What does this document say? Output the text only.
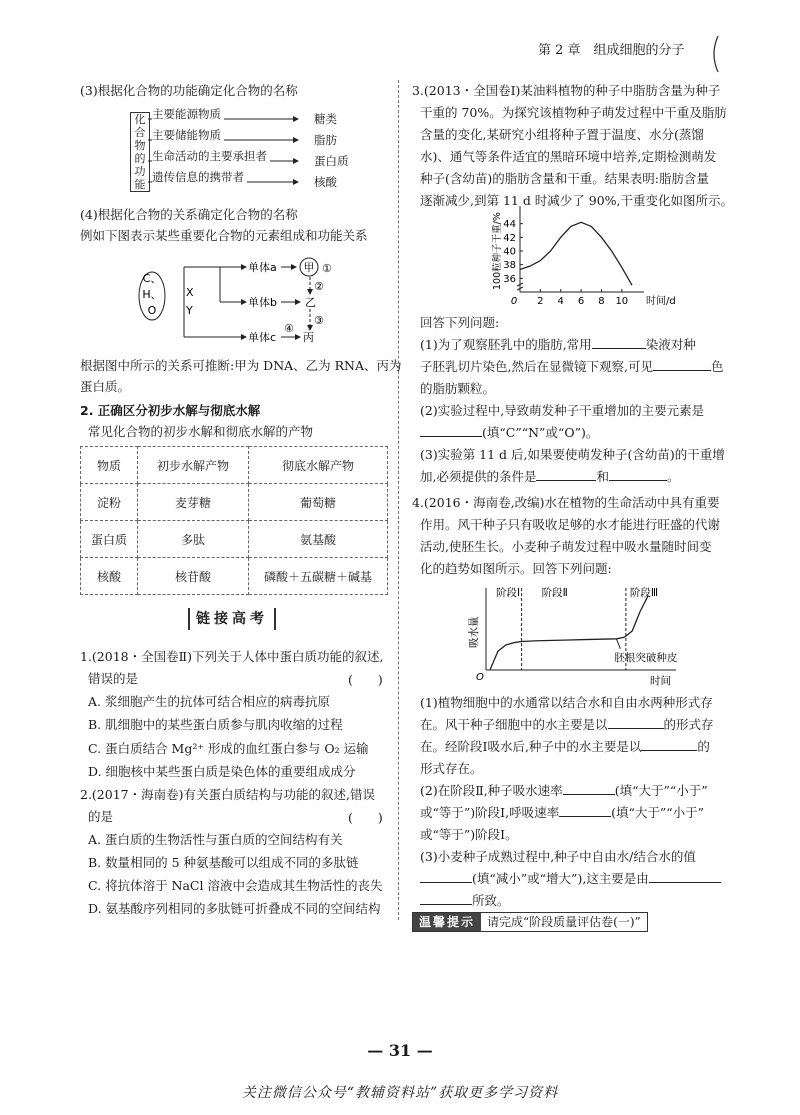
第 2 章　组成细胞的分子
(3)根据化合物的功能确定化合物的名称
化
合
物
的
功
能
主要能源物质
主要储能物质
生命活动的主要承担者
遗传信息的携带者
糖类
脂肪
蛋白质
核酸
(4)根据化合物的关系确定化合物的名称
例如下图表示某些重要化合物的元素组成和功能关系
C、
H、
O
X
Y
单体a
单体b
单体c
甲
乙
丙
①
②
③
④
根据图中所示的关系可推断:甲为 DNA、乙为 RNA、丙为
蛋白质。
2. 正确区分初步水解与彻底水解
常见化合物的初步水解和彻底水解的产物
物质	初步水解产物	彻底水解产物
淀粉	麦芽糖	葡萄糖
蛋白质	多肽	氨基酸
核酸	核苷酸	磷酸＋五碳糖＋碱基
链接高考
1.(2018・全国卷Ⅱ)下列关于人体中蛋白质功能的叙述,
错误的是	(　　)
A. 浆细胞产生的抗体可结合相应的病毒抗原
B. 肌细胞中的某些蛋白质参与肌肉收缩的过程
C. 蛋白质结合 Mg²⁺ 形成的血红蛋白参与 O₂ 运输
D. 细胞核中某些蛋白质是染色体的重要组成成分
2.(2017・海南卷)有关蛋白质结构与功能的叙述,错误
的是	(　　)
A. 蛋白质的生物活性与蛋白质的空间结构有关
B. 数量相同的 5 种氨基酸可以组成不同的多肽链
C. 将抗体溶于 NaCl 溶液中会造成其生物活性的丧失
D. 氨基酸序列相同的多肽链可折叠成不同的空间结构
3.(2013・全国卷Ⅰ)某油料植物的种子中脂肪含量为种子
干重的 70%。为探究该植物种子萌发过程中干重及脂肪
含量的变化,某研究小组将种子置于温度、水分(蒸馏
水)、通气等条件适宜的黑暗环境中培养,定期检测萌发
种子(含幼苗)的脂肪含量和干重。结果表明:脂肪含量
逐渐减少,到第 11 d 时减少了 90%,干重变化如图所示。
0 2 4 6 8 10
36
38
40
42
44
时间/d
100粒种子干重/%
回答下列问题:
(1)为了观察胚乳中的脂肪,常用	染液对种
子胚乳切片染色,然后在显微镜下观察,可见	色
的脂肪颗粒。
(2)实验过程中,导致萌发种子干重增加的主要元素是
(填“C”“N”或“O”)。
(3)实验第 11 d 后,如果要使萌发种子(含幼苗)的干重增
加,必须提供的条件是	和	。
4.(2016・海南卷,改编)水在植物的生命活动中具有重要
作用。风干种子只有吸收足够的水才能进行旺盛的代谢
活动,使胚生长。小麦种子萌发过程中吸水量随时间变
化的趋势如图所示。回答下列问题:
O	时间
吸水量
阶段Ⅰ 阶段Ⅱ	阶段Ⅲ
胚根突破种皮
(1)植物细胞中的水通常以结合水和自由水两种形式存
在。风干种子细胞中的水主要是以	的形式存
在。经阶段Ⅰ吸水后,种子中的水主要是以	的
形式存在。
(2)在阶段Ⅱ,种子吸水速率	(填“大于”“小于”
或“等于”)阶段Ⅰ,呼吸速率	(填“大于”“小于”
或“等于”)阶段Ⅰ。
(3)小麦种子成熟过程中,种子中自由水/结合水的值
(填“减小”或“增大”),这主要是由
所致。
温馨提示 请完成“阶段质量评估卷(一)”
— 31 —
关注微信公众号“教辅资料站”获取更多学习资料
